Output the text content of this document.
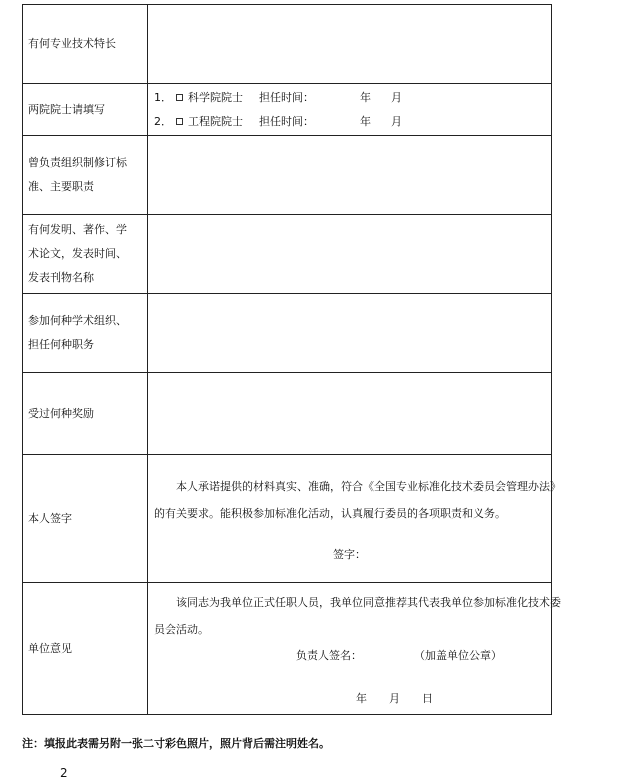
有何专业技术特长	
两院院士请填写	1． 科学院院士 担任时间： 年 月
2． 工程院院士 担任时间： 年 月

曾负责组织制修订标
准、主要职责	

有何发明、著作、学
术论文，发表时间、
发表刊物名称	

参加何种学术组织、
担任何种职务	

受过何种奖励	
本人签字	本人承诺提供的材料真实、准确，符合《全国专业标准化技术委员会管理办法》
的有关要求。能积极参加标准化活动，认真履行委员的各项职责和义务。
签字：

单位意见	该同志为我单位正式任职人员，我单位同意推荐其代表我单位参加标准化技术委
员会活动。
负责人签名： （加盖单位公章）
年 月 日
注：填报此表需另附一张二寸彩色照片，照片背后需注明姓名。
2
